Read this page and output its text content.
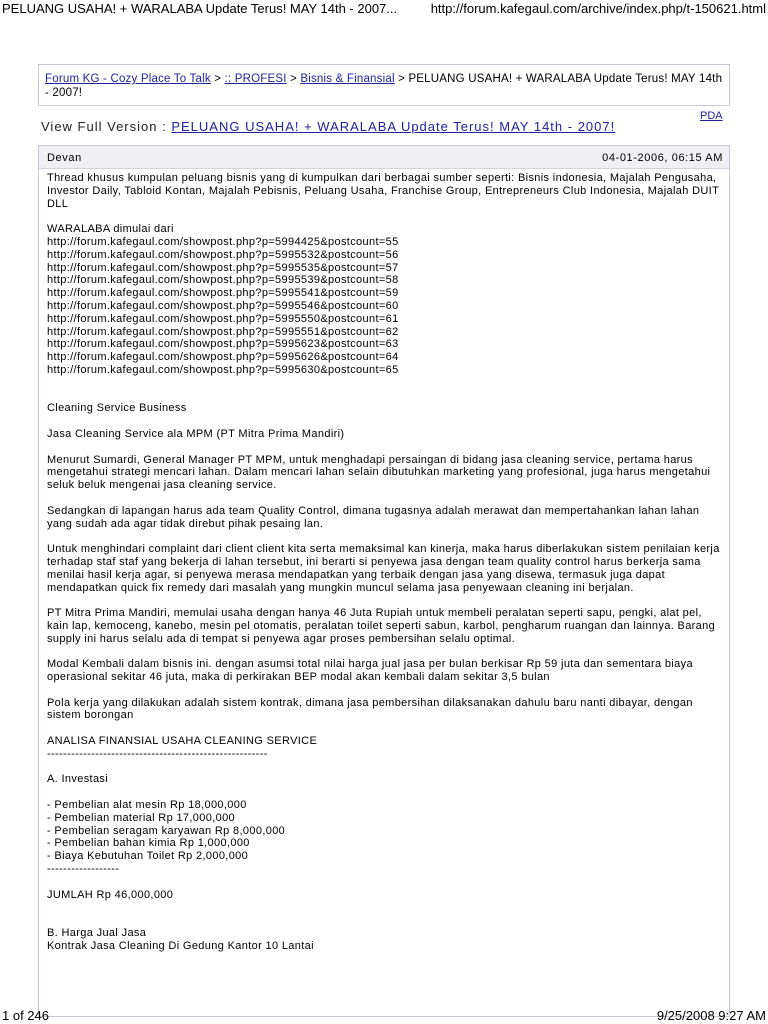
PELUANG USAHA! + WARALABA Update Terus! MAY 14th - 2007...	http://forum.kafegaul.com/archive/index.php/t-150621.html
Forum KG - Cozy Place To Talk > :: PROFESI > Bisnis & Finansial > PELUANG USAHA! + WARALABA Update Terus! MAY 14th - 2007!
PDA
View Full Version : PELUANG USAHA! + WARALABA Update Terus! MAY 14th - 2007!
Devan	04-01-2006, 06:15 AM

Thread khusus kumpulan peluang bisnis yang di kumpulkan dari berbagai sumber seperti: Bisnis indonesia, Majalah Pengusaha, Investor Daily, Tabloid Kontan, Majalah Pebisnis, Peluang Usaha, Franchise Group, Entrepreneurs Club Indonesia, Majalah DUIT DLL

WARALABA dimulai dari
http://forum.kafegaul.com/showpost.php?p=5994425&postcount=55
http://forum.kafegaul.com/showpost.php?p=5995532&postcount=56
http://forum.kafegaul.com/showpost.php?p=5995535&postcount=57
http://forum.kafegaul.com/showpost.php?p=5995539&postcount=58
http://forum.kafegaul.com/showpost.php?p=5995541&postcount=59
http://forum.kafegaul.com/showpost.php?p=5995546&postcount=60
http://forum.kafegaul.com/showpost.php?p=5995550&postcount=61
http://forum.kafegaul.com/showpost.php?p=5995551&postcount=62
http://forum.kafegaul.com/showpost.php?p=5995623&postcount=63
http://forum.kafegaul.com/showpost.php?p=5995626&postcount=64
http://forum.kafegaul.com/showpost.php?p=5995630&postcount=65

Cleaning Service Business

Jasa Cleaning Service ala MPM (PT Mitra Prima Mandiri)

Menurut Sumardi, General Manager PT MPM, untuk menghadapi persaingan di bidang jasa cleaning service, pertama harus mengetahui strategi mencari lahan. Dalam mencari lahan selain dibutuhkan marketing yang profesional, juga harus mengetahui seluk beluk mengenai jasa cleaning service.

Sedangkan di lapangan harus ada team Quality Control, dimana tugasnya adalah merawat dan mempertahankan lahan lahan yang sudah ada agar tidak direbut pihak pesaing lan.

Untuk menghindari complaint dari client client kita serta memaksimal kan kinerja, maka harus diberlakukan sistem penilaian kerja terhadap staf staf yang bekerja di lahan tersebut, ini berarti si penyewa jasa dengan team quality control harus berkerja sama menilai hasil kerja agar, si penyewa merasa mendapatkan yang terbaik dengan jasa yang disewa, termasuk juga dapat mendapatkan quick fix remedy dari masalah yang mungkin muncul selama jasa penyewaan cleaning ini berjalan.

PT Mitra Prima Mandiri, memulai usaha dengan hanya 46 Juta Rupiah untuk membeli peralatan seperti sapu, pengki, alat pel, kain lap, kemoceng, kanebo, mesin pel otomatis, peralatan toilet seperti sabun, karbol, pengharum ruangan dan lainnya. Barang supply ini harus selalu ada di tempat si penyewa agar proses pembersihan selalu optimal.

Modal Kembali dalam bisnis ini. dengan asumsi total nilai harga jual jasa per bulan berkisar Rp 59 juta dan sementara biaya operasional sekitar 46 juta, maka di perkirakan BEP modal akan kembali dalam sekitar 3,5 bulan

Pola kerja yang dilakukan adalah sistem kontrak, dimana jasa pembersihan dilaksanakan dahulu baru nanti dibayar, dengan sistem borongan

ANALISA FINANSIAL USAHA CLEANING SERVICE
-------------------------------------------------------

A. Investasi

- Pembelian alat mesin Rp 18,000,000
- Pembelian material Rp 17,000,000
- Pembelian seragam karyawan Rp 8,000,000
- Pembelian bahan kimia Rp 1,000,000
- Biaya Kebutuhan Toilet Rp 2,000,000
------------------

JUMLAH Rp 46,000,000

B. Harga Jual Jasa
Kontrak Jasa Cleaning Di Gedung Kantor 10 Lantai
1 of 246	9/25/2008 9:27 AM
